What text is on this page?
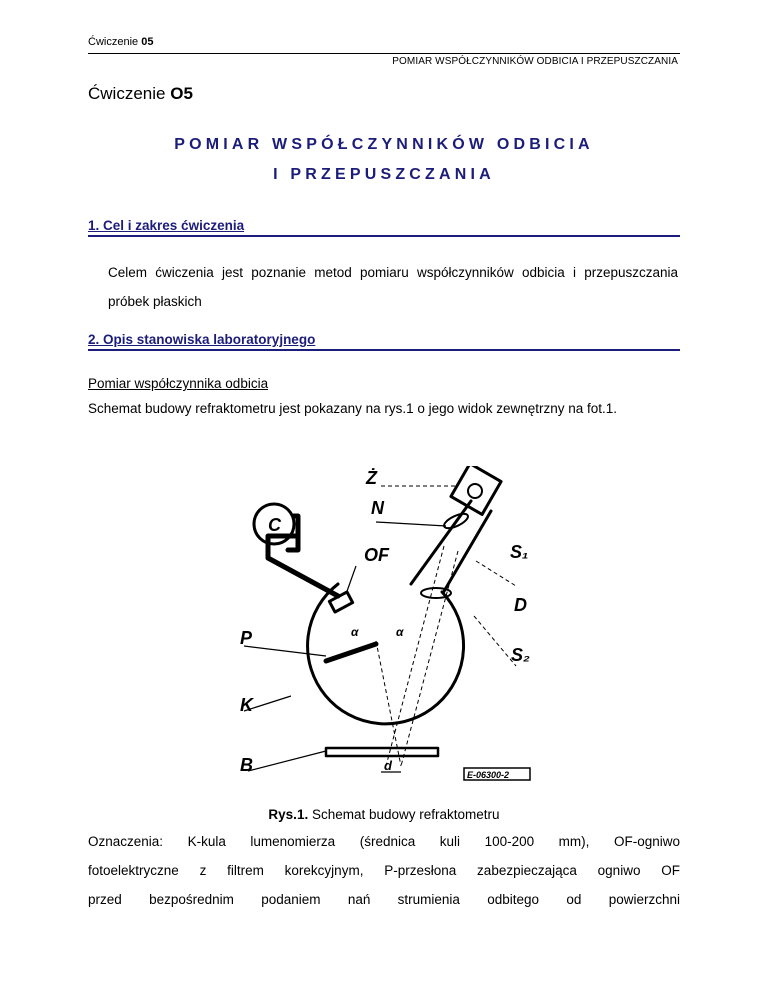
Ćwiczenie 05
POMIAR WSPÓŁCZYNNIKÓW ODBICIA I PRZEPUSZCZANIA
Ćwiczenie O5
POMIAR WSPÓŁCZYNNIKÓW ODBICIA
I PRZEPUSZCZANIA
1. Cel i zakres ćwiczenia
Celem ćwiczenia jest poznanie metod pomiaru współczynników odbicia i przepuszczania próbek płaskich
2. Opis stanowiska laboratoryjnego
Pomiar współczynnika odbicia
Schemat budowy refraktometru jest pokazany na rys.1 o jego widok zewnętrzny na fot.1.
Ż
N
C
OF	S₁
D
P
S₂
K
B	d
α	α
E-06300-2
Rys.1. Schemat budowy refraktometru
Oznaczenia: K-kula lumenomierza (średnica kuli 100-200 mm), OF-ogniwo
fotoelektryczne z filtrem korekcyjnym, P-przesłona zabezpieczająca ogniwo OF
przed bezpośrednim podaniem nań strumienia odbitego od powierzchni
